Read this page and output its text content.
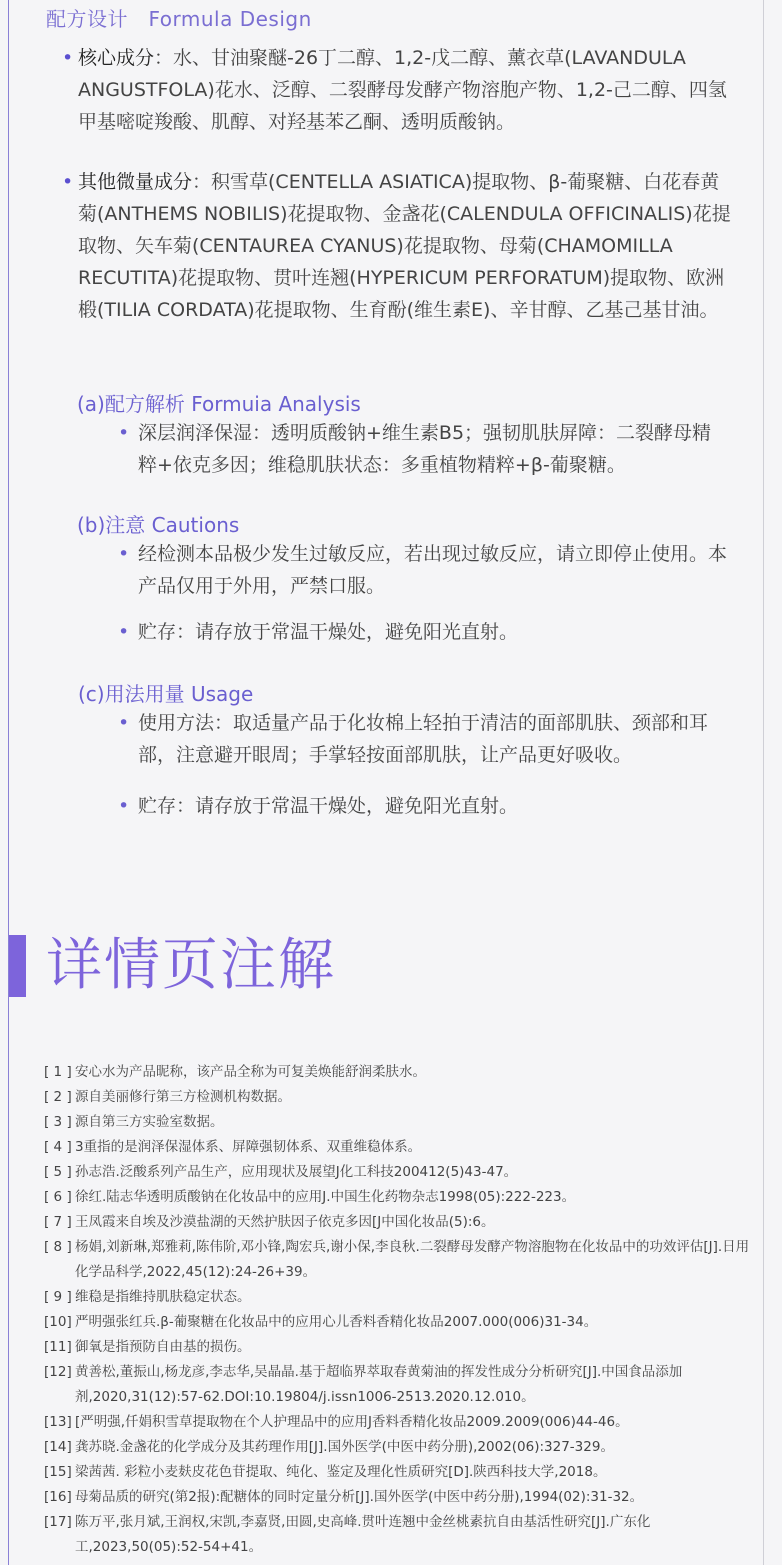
配方设计　Formula Design
• 核心成分：水、甘油聚醚-26丁二醇、1,2-戊二醇、薰衣草(LAVANDULA ANGUSTFOLA)花水、泛醇、二裂酵母发酵产物溶胞产物、1,2-己二醇、四氢甲基嘧啶羧酸、肌醇、对羟基苯乙酮、透明质酸钠。
• 其他微量成分：积雪草(CENTELLA ASIATICA)提取物、β-葡聚糖、白花春黄菊(ANTHEMS NOBILIS)花提取物、金盏花(CALENDULA OFFICINALIS)花提取物、矢车菊(CENTAUREA CYANUS)花提取物、母菊(CHAMOMILLA RECUTITA)花提取物、贯叶连翘(HYPERICUM PERFORATUM)提取物、欧洲椴(TILIA CORDATA)花提取物、生育酚(维生素E)、辛甘醇、乙基己基甘油。
(a)配方解析 Formuia Analysis
• 深层润泽保湿：透明质酸钠+维生素B5；强韧肌肤屏障：二裂酵母精粹+依克多因；维稳肌肤状态：多重植物精粹+β-葡聚糖。
(b)注意 Cautions
• 经检测本品极少发生过敏反应，若出现过敏反应，请立即停止使用。本产品仅用于外用，严禁口服。
• 贮存：请存放于常温干燥处，避免阳光直射。
(c)用法用量 Usage
• 使用方法：取适量产品于化妆棉上轻拍于清洁的面部肌肤、颈部和耳部，注意避开眼周；手掌轻按面部肌肤，让产品更好吸收。
• 贮存：请存放于常温干燥处，避免阳光直射。
详情页注解
[ 1 ] 安心水为产品昵称，该产品全称为可复美焕能舒润柔肤水。
[ 2 ] 源自美丽修行第三方检测机构数据。
[ 3 ] 源自第三方实验室数据。
[ 4 ] 3重指的是润泽保湿体系、屏障强韧体系、双重维稳体系。
[ 5 ] 孙志浩.泛酸系列产品生产，应用现状及展望J化工科技200412(5)43-47。
[ 6 ] 徐红.陆志华透明质酸钠在化妆品中的应用J.中国生化药物杂志1998(05):222-223。
[ 7 ] 王凤霞来自埃及沙漠盐湖的天然护肤因子依克多因[J中国化妆品(5):6。
[ 8 ] 杨娟,刘新琳,郑雅莉,陈伟阶,邓小锋,陶宏兵,谢小保,李良秋.二裂酵母发酵产物溶胞物在化妆品中的功效评估[J].日用化学品科学,2022,45(12):24-26+39。
[ 9 ] 维稳是指维持肌肤稳定状态。
[10] 严明强张红兵.β-葡聚糖在化妆品中的应用心儿香料香精化妆品2007.000(006)31-34。
[11] 御氧是指预防自由基的损伤。
[12] 黄善松,董振山,杨龙彦,李志华,吴晶晶.基于超临界萃取春黄菊油的挥发性成分分析研究[J].中国食品添加剂,2020,31(12):57-62.DOI:10.19804/j.issn1006-2513.2020.12.010。
[13] [严明强,仟娟积雪草提取物在个人护理品中的应用J香料香精化妆品2009.2009(006)44-46。
[14] 龚苏晓.金盏花的化学成分及其药理作用[J].国外医学(中医中药分册),2002(06):327-329。
[15] 梁茜茜. 彩粒小麦麸皮花色苷提取、纯化、鉴定及理化性质研究[D].陕西科技大学,2018。
[16] 母菊品质的研究(第2报):配糖体的同时定量分析[J].国外医学(中医中药分册),1994(02):31-32。
[17] 陈万平,张月斌,王润权,宋凯,李嘉贤,田圆,史高峰.贯叶连翘中金丝桃素抗自由基活性研究[J].广东化工,2023,50(05):52-54+41。
